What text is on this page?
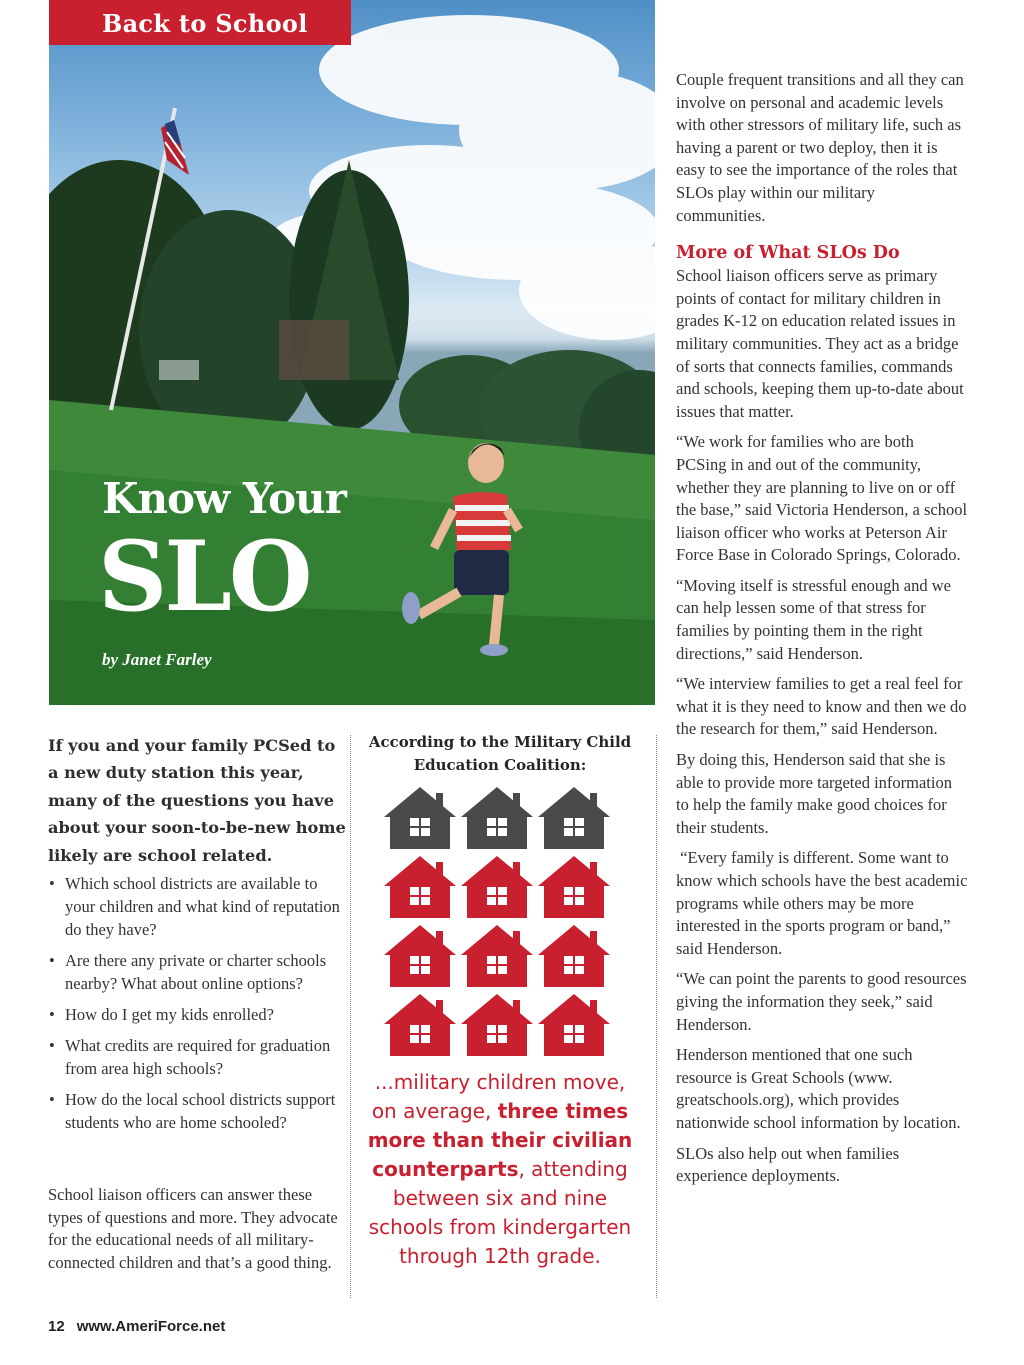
Back to School
Know Your
SLO
by Janet Farley
If you and your family PCSed to a new duty station this year, many of the questions you have about your soon-to-be-new home likely are school related.
• Which school districts are available to your children and what kind of reputation do they have?
• Are there any private or charter schools nearby? What about online options?
• How do I get my kids enrolled?
• What credits are required for graduation from area high schools?
• How do the local school districts support students who are home schooled?
School liaison officers can answer these types of questions and more. They advocate for the educational needs of all military-connected children and that’s a good thing.
According to the Military Child Education Coalition:
...military children move, on average, three times more than their civilian counterparts, attending between six and nine schools from kindergarten through 12th grade.

Couple frequent transitions and all they can involve on personal and academic levels with other stressors of military life, such as having a parent or two deploy, then it is easy to see the importance of the roles that SLOs play within our military communities.

More of What SLOs Do

School liaison officers serve as primary points of contact for military children in grades K-12 on education related issues in military communities. They act as a bridge of sorts that connects families, commands and schools, keeping them up-to-date about issues that matter.

“We work for families who are both PCSing in and out of the community, whether they are planning to live on or off the base,” said Victoria Henderson, a school liaison officer who works at Peterson Air Force Base in Colorado Springs, Colorado.

“Moving itself is stressful enough and we can help lessen some of that stress for families by pointing them in the right directions,” said Henderson.

“We interview families to get a real feel for what it is they need to know and then we do the research for them,” said Henderson.

By doing this, Henderson said that she is able to provide more targeted information to help the family make good choices for their students.

“Every family is different. Some want to know which schools have the best academic programs while others may be more interested in the sports program or band,” said Henderson.

“We can point the parents to good resources giving the information they seek,” said Henderson.

Henderson mentioned that one such resource is Great Schools (www. greatschools.org), which provides nationwide school information by location.

SLOs also help out when families experience deployments.

12 www.AmeriForce.net
